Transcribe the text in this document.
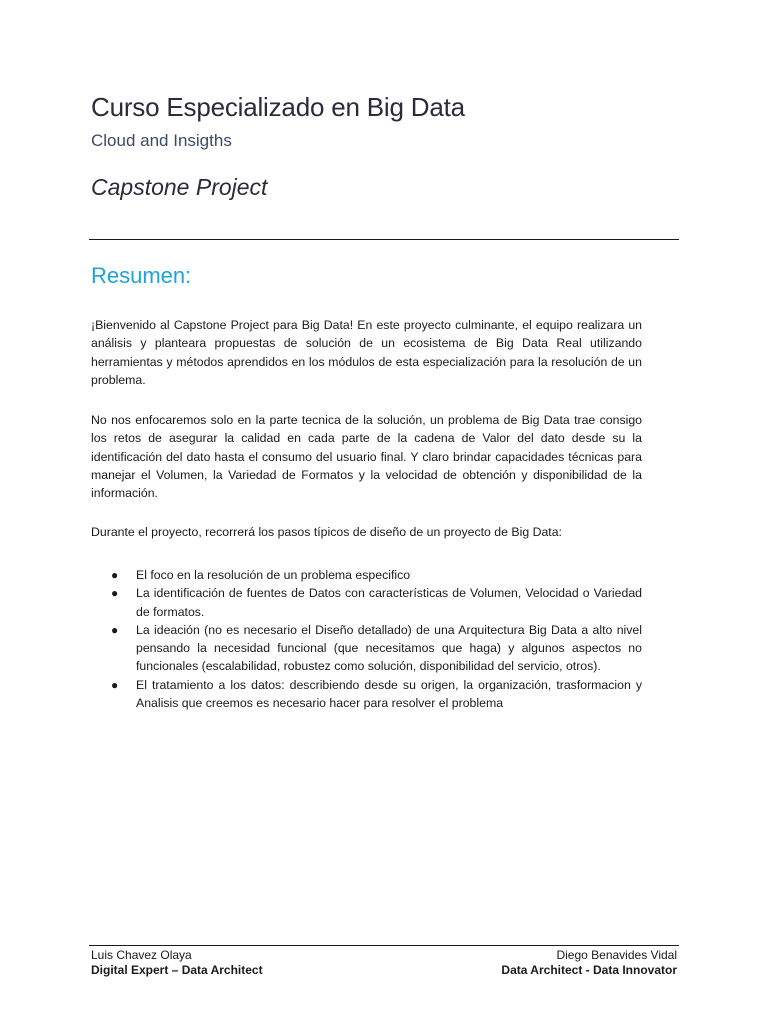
Curso Especializado en Big Data
Cloud and Insigths
Capstone Project
Resumen:

¡Bienvenido al Capstone Project para Big Data! En este proyecto culminante, el equipo realizara un análisis y planteara propuestas de solución de un ecosistema de Big Data Real utilizando herramientas y métodos aprendidos en los módulos de esta especialización para la resolución de un problema.

No nos enfocaremos solo en la parte tecnica de la solución, un problema de Big Data trae consigo los retos de asegurar la calidad en cada parte de la cadena de Valor del dato desde su la identificación del dato hasta el consumo del usuario final. Y claro brindar capacidades técnicas para manejar el Volumen, la Variedad de Formatos y la velocidad de obtención y disponibilidad de la información.

Durante el proyecto, recorrerá los pasos típicos de diseño de un proyecto de Big Data:

● El foco en la resolución de un problema especifico
● La identificación de fuentes de Datos con características de Volumen, Velocidad o Variedad de formatos.
● La ideación (no es necesario el Diseño detallado) de una Arquitectura Big Data a alto nivel pensando la necesidad funcional (que necesitamos que haga) y algunos aspectos no funcionales (escalabilidad, robustez como solución, disponibilidad del servicio, otros).
● El tratamiento a los datos: describiendo desde su origen, la organización, trasformacion y Analisis que creemos es necesario hacer para resolver el problema
Luis Chavez Olaya
Digital Expert – Data Architect
Diego Benavides Vidal
Data Architect - Data Innovator
